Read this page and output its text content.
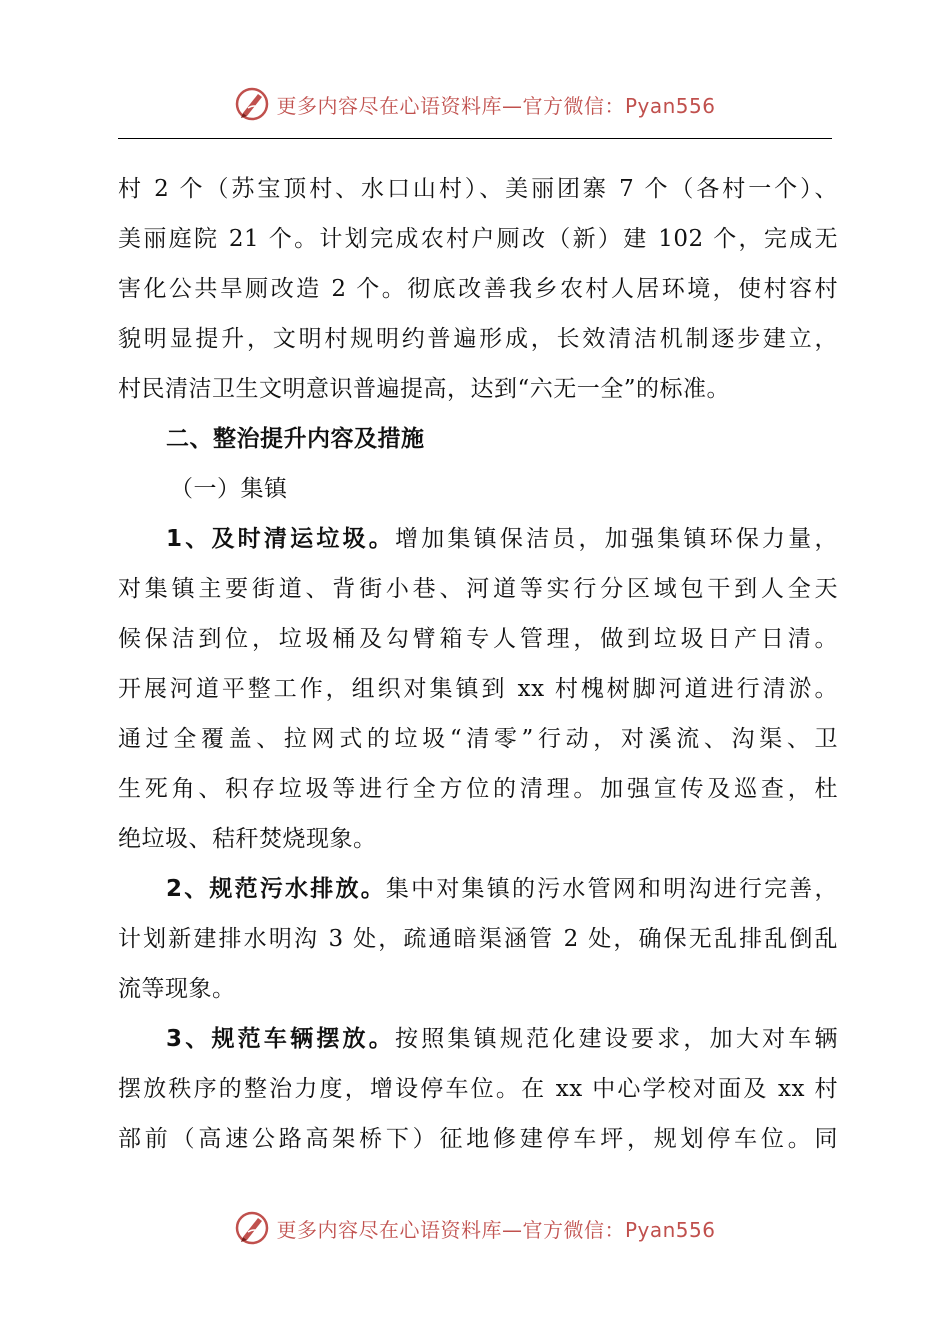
更多内容尽在心语资料库—官方微信：Pyan556
村 2 个（苏宝顶村、水口山村）、美丽团寨 7 个（各村一个）、
美丽庭院 21 个。计划完成农村户厕改（新）建 102 个，完成无
害化公共旱厕改造 2 个。彻底改善我乡农村人居环境，使村容村
貌明显提升，文明村规明约普遍形成，长效清洁机制逐步建立，
村民清洁卫生文明意识普遍提高，达到“六无一全”的标准。
二、整治提升内容及措施
（一）集镇
1、及时清运垃圾。增加集镇保洁员，加强集镇环保力量，
对集镇主要街道、背街小巷、河道等实行分区域包干到人全天
候保洁到位，垃圾桶及勾臂箱专人管理，做到垃圾日产日清。
开展河道平整工作，组织对集镇到 xx 村槐树脚河道进行清淤。
通过全覆盖、拉网式的垃圾“清零”行动，对溪流、沟渠、卫
生死角、积存垃圾等进行全方位的清理。加强宣传及巡查，杜
绝垃圾、秸秆焚烧现象。
2、规范污水排放。集中对集镇的污水管网和明沟进行完善，
计划新建排水明沟 3 处，疏通暗渠涵管 2 处，确保无乱排乱倒乱
流等现象。
3、规范车辆摆放。按照集镇规范化建设要求，加大对车辆
摆放秩序的整治力度，增设停车位。在 xx 中心学校对面及 xx 村
部前（高速公路高架桥下）征地修建停车坪，规划停车位。同
更多内容尽在心语资料库—官方微信：Pyan556
